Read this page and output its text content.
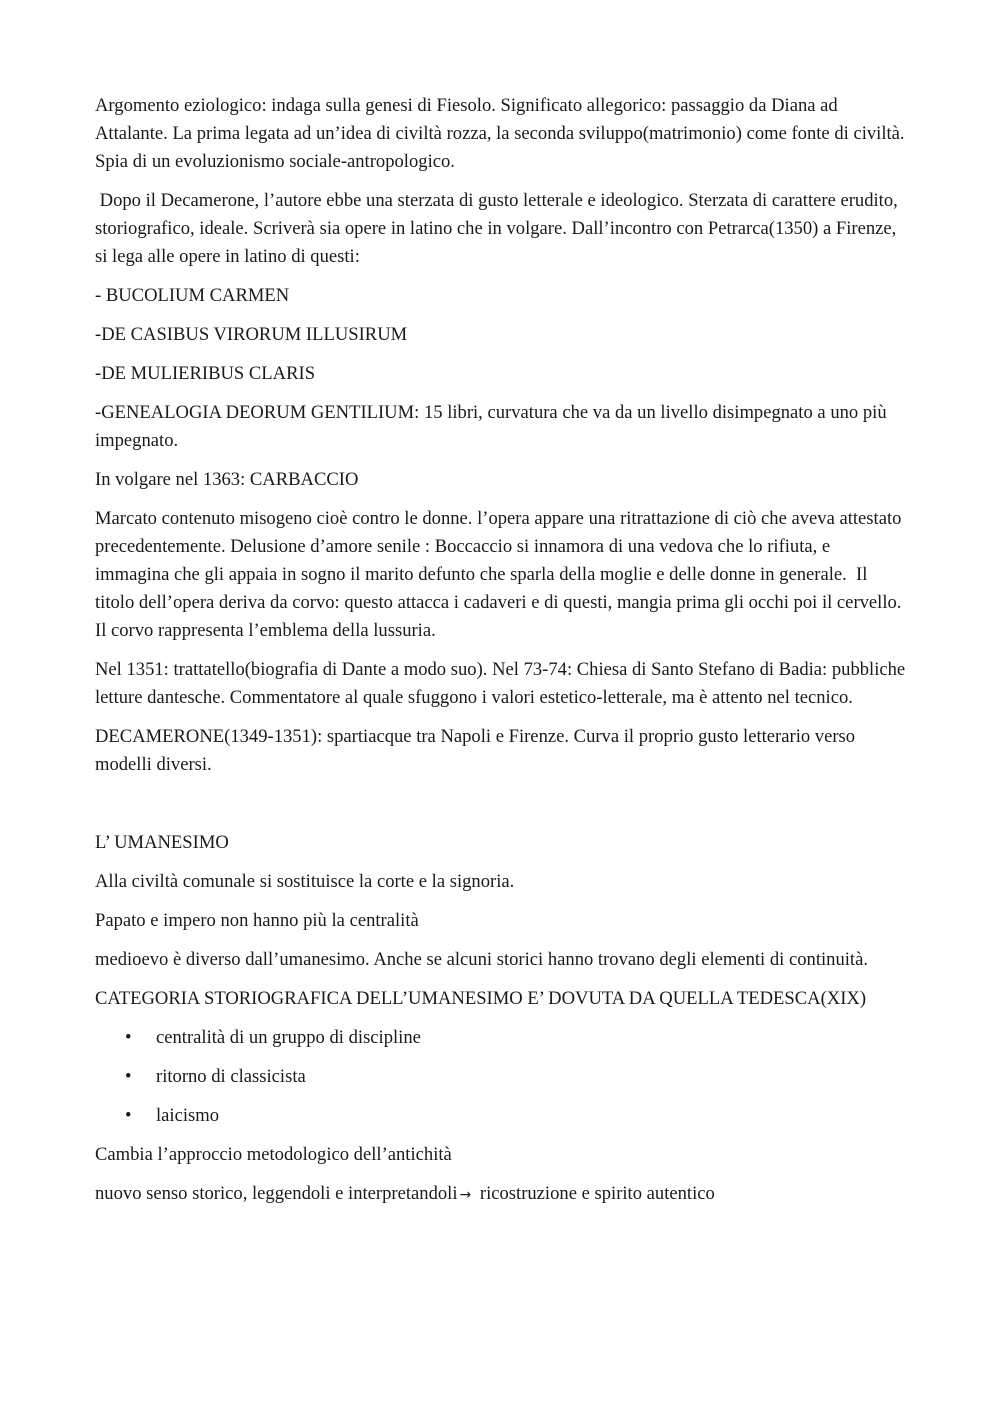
Argomento eziologico: indaga sulla genesi di Fiesolo. Significato allegorico: passaggio da Diana ad Attalante. La prima legata ad un’idea di civiltà rozza, la seconda sviluppo(matrimonio) come fonte di civiltà. Spia di un evoluzionismo sociale-antropologico.

Dopo il Decamerone, l’autore ebbe una sterzata di gusto letterale e ideologico. Sterzata di carattere erudito, storiografico, ideale. Scriverà sia opere in latino che in volgare. Dall’incontro con Petrarca(1350) a Firenze, si lega alle opere in latino di questi:

- BUCOLIUM CARMEN

-DE CASIBUS VIRORUM ILLUSIRUM

-DE MULIERIBUS CLARIS

-GENEALOGIA DEORUM GENTILIUM: 15 libri, curvatura che va da un livello disimpegnato a uno più impegnato.

In volgare nel 1363: CARBACCIO

Marcato contenuto misogeno cioè contro le donne. l’opera appare una ritrattazione di ciò che aveva attestato precedentemente. Delusione d’amore senile : Boccaccio si innamora di una vedova che lo rifiuta, e immagina che gli appaia in sogno il marito defunto che sparla della moglie e delle donne in generale.  Il titolo dell’opera deriva da corvo: questo attacca i cadaveri e di questi, mangia prima gli occhi poi il cervello. Il corvo rappresenta l’emblema della lussuria.

Nel 1351: trattatello(biografia di Dante a modo suo). Nel 73-74: Chiesa di Santo Stefano di Badia: pubbliche letture dantesche. Commentatore al quale sfuggono i valori estetico-letterale, ma è attento nel tecnico.

DECAMERONE(1349-1351): spartiacque tra Napoli e Firenze. Curva il proprio gusto letterario verso modelli diversi.

L’ UMANESIMO

Alla civiltà comunale si sostituisce la corte e la signoria.

Papato e impero non hanno più la centralità

medioevo è diverso dall’umanesimo. Anche se alcuni storici hanno trovano degli elementi di continuità.

CATEGORIA STORIOGRAFICA DELL’UMANESIMO E’ DOVUTA DA QUELLA TEDESCA(XIX)

• centralità di un gruppo di discipline
• ritorno di classicista
• laicismo

Cambia l’approccio metodologico dell’antichità

nuovo senso storico, leggendoli e interpretandoli → ricostruzione e spirito autentico
